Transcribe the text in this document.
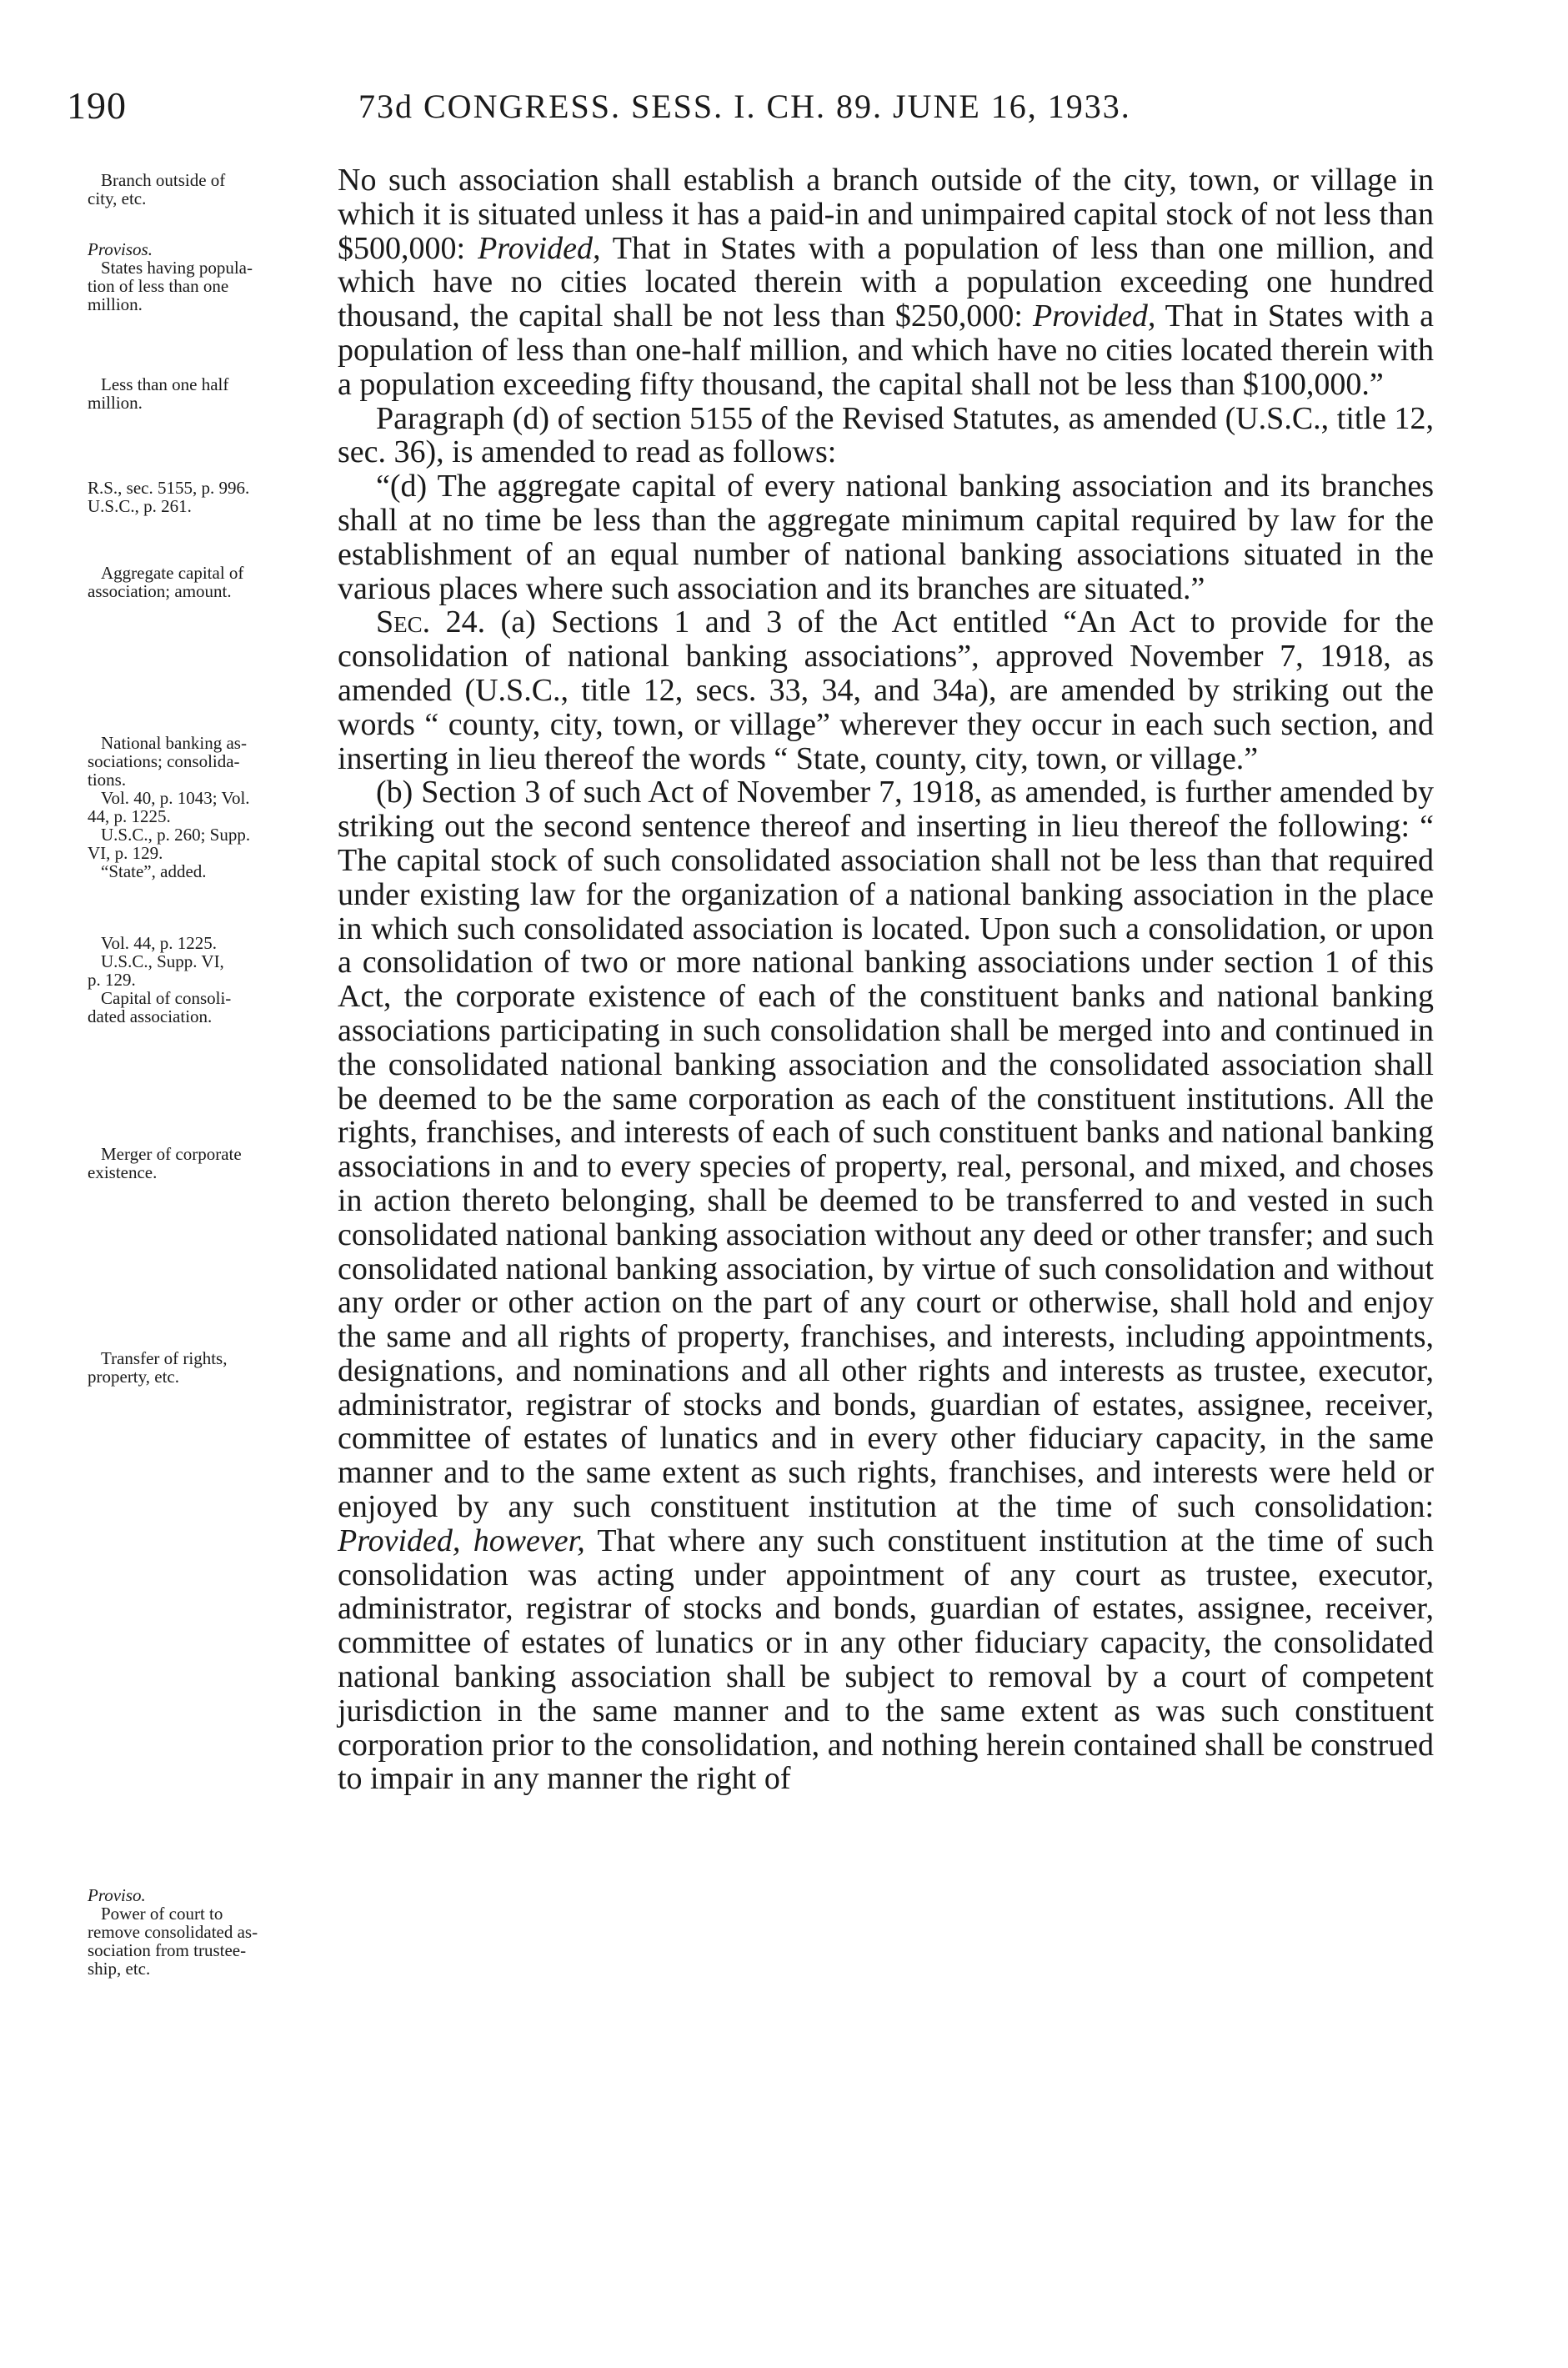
190	73d CONGRESS. SESS. I. CH. 89. JUNE 16, 1933.
Branch outside of
city, etc.
Provisos.
States having popula-
tion of less than one
million.
Less than one half
million.
R.S., sec. 5155, p. 996.
U.S.C., p. 261.
Aggregate capital of
association; amount.
National banking as-
sociations; consolida-
tions.
Vol. 40, p. 1043; Vol.
44, p. 1225.
U.S.C., p. 260; Supp.
VI, p. 129.
“State”, added.
Vol. 44, p. 1225.
U.S.C., Supp. VI,
p. 129.
Capital of consoli-
dated association.
Merger of corporate
existence.
Transfer of rights,
property, etc.
Proviso.
Power of court to
remove consolidated as-
sociation from trustee-
ship, etc.

No such association shall establish a branch outside of the city, town, or village in which it is situated unless it has a paid-in and unimpaired capital stock of not less than $500,000: Provided, That in States with a population of less than one million, and which have no cities located therein with a population exceeding one hundred thousand, the capital shall be not less than $250,000: Provided, That in States with a population of less than one-half million, and which have no cities located therein with a population exceeding fifty thousand, the capital shall not be less than $100,000.”

Paragraph (d) of section 5155 of the Revised Statutes, as amended (U.S.C., title 12, sec. 36), is amended to read as follows:

“(d) The aggregate capital of every national banking association and its branches shall at no time be less than the aggregate minimum capital required by law for the establishment of an equal number of national banking associations situated in the various places where such association and its branches are situated.”

Sec. 24. (a) Sections 1 and 3 of the Act entitled “An Act to provide for the consolidation of national banking associations”, approved November 7, 1918, as amended (U.S.C., title 12, secs. 33, 34, and 34a), are amended by striking out the words “ county, city, town, or village” wherever they occur in each such section, and inserting in lieu thereof the words “ State, county, city, town, or village.”

(b) Section 3 of such Act of November 7, 1918, as amended, is further amended by striking out the second sentence thereof and inserting in lieu thereof the following: “ The capital stock of such consolidated association shall not be less than that required under existing law for the organization of a national banking association in the place in which such consolidated association is located. Upon such a consolidation, or upon a consolidation of two or more national banking associations under section 1 of this Act, the corporate existence of each of the constituent banks and national banking associations participating in such consolidation shall be merged into and continued in the consolidated national banking association and the consolidated association shall be deemed to be the same corporation as each of the constituent institutions. All the rights, franchises, and interests of each of such constituent banks and national banking associations in and to every species of property, real, personal, and mixed, and choses in action thereto belonging, shall be deemed to be transferred to and vested in such consolidated national banking association without any deed or other transfer; and such consolidated national banking association, by virtue of such consolidation and without any order or other action on the part of any court or otherwise, shall hold and enjoy the same and all rights of property, franchises, and interests, including appointments, designations, and nominations and all other rights and interests as trustee, executor, administrator, registrar of stocks and bonds, guardian of estates, assignee, receiver, committee of estates of lunatics and in every other fiduciary capacity, in the same manner and to the same extent as such rights, franchises, and interests were held or enjoyed by any such constituent institution at the time of such consolidation: Provided, however, That where any such constituent institution at the time of such consolidation was acting under appointment of any court as trustee, executor, administrator, registrar of stocks and bonds, guardian of estates, assignee, receiver, committee of estates of lunatics or in any other fiduciary capacity, the consolidated national banking association shall be subject to removal by a court of competent jurisdiction in the same manner and to the same extent as was such constituent corporation prior to the consolidation, and nothing herein contained shall be construed to impair in any manner the right of
